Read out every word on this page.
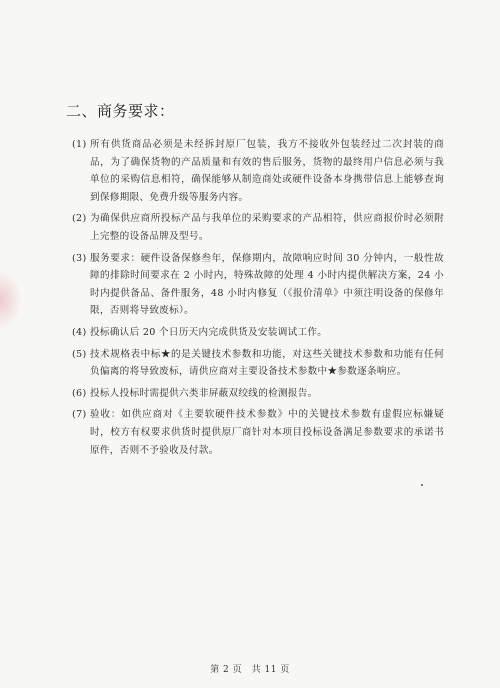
二、商务要求：
(1) 所有供货商品必须是未经拆封原厂包装，我方不接收外包装经过二次封装的商品，为了确保货物的产品质量和有效的售后服务，货物的最终用户信息必须与我单位的采购信息相符，确保能够从制造商处或硬件设备本身携带信息上能够查询到保修期限、免费升级等服务内容。
(2) 为确保供应商所投标产品与我单位的采购要求的产品相符，供应商报价时必须附上完整的设备品牌及型号。
(3) 服务要求：硬件设备保修叁年，保修期内，故障响应时间 30 分钟内，一般性故障的排除时间要求在 2 小时内，特殊故障的处理 4 小时内提供解决方案，24 小时内提供备品、备件服务，48 小时内修复（《报价清单》中须注明设备的保修年限，否则将导致废标）。
(4) 投标确认后 20 个日历天内完成供货及安装调试工作。
(5) 技术规格表中标★的是关键技术参数和功能，对这些关键技术参数和功能有任何负偏离的将导致废标，请供应商对主要设备技术参数中★参数逐条响应。
(6) 投标人投标时需提供六类非屏蔽双绞线的检测报告。
(7) 验收：如供应商对《主要软硬件技术参数》中的关键技术参数有虚假应标嫌疑时，校方有权要求供货时提供原厂商针对本项目投标设备满足参数要求的承诺书原件，否则不予验收及付款。
第 2 页　共 11 页
